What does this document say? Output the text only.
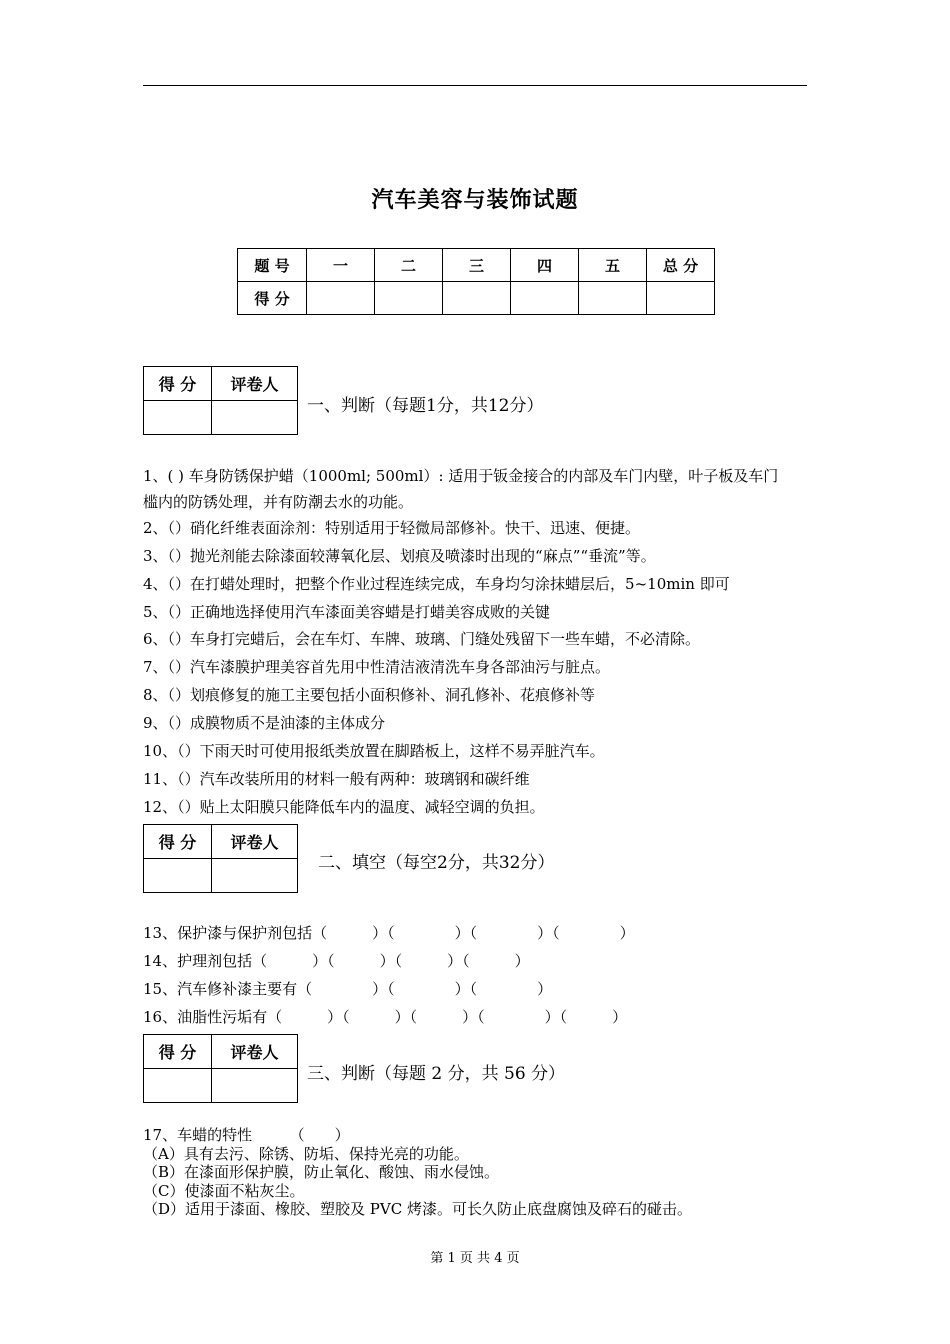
汽车美容与装饰试题
题 号	一	二	三	四	五	总 分
得 分						
得 分	评卷人

一、判断（每题1分，共12分）
1、( ) 车身防锈保护蜡（1000ml; 500ml）: 适用于钣金接合的内部及车门内壁，叶子板及车门
槛内的防锈处理，并有防潮去水的功能。
2、（）硝化纤维表面涂剂：特别适用于轻微局部修补。快干、迅速、便捷。
3、（）抛光剂能去除漆面较薄氧化层、划痕及喷漆时出现的“麻点”“垂流”等。
4、（）在打蜡处理时，把整个作业过程连续完成，车身均匀涂抹蜡层后，5~10min 即可
5、（）正确地选择使用汽车漆面美容蜡是打蜡美容成败的关键
6、（）车身打完蜡后，会在车灯、车牌、玻璃、门缝处残留下一些车蜡，不必清除。
7、（）汽车漆膜护理美容首先用中性清洁液清洗车身各部油污与脏点。
8、（）划痕修复的施工主要包括小面积修补、洞孔修补、花痕修补等
9、（）成膜物质不是油漆的主体成分
10、（）下雨天时可使用报纸类放置在脚踏板上，这样不易弄脏汽车。
11、（）汽车改装所用的材料一般有两种：玻璃钢和碳纤维
12、（）贴上太阳膜只能降低车内的温度、减轻空调的负担。
得 分	评卷人

二、填空（每空2分，共32分）
13、保护漆与保护剂包括（　　　）（　　　　）（　　　　）（　　　　）
14、护理剂包括（　　　）（　　　）（　　　）（　　　）
15、汽车修补漆主要有（　　　　）（　　　　）（　　　　）
16、油脂性污垢有（　　　）（　　　）（　　　）（　　　　）（　　　）
得 分	评卷人

三、判断（每题 2 分，共 56 分）
17、车蜡的特性　　　（　　）
（A）具有去污、除锈、防垢、保持光亮的功能。
（B）在漆面形保护膜，防止氧化、酸蚀、雨水侵蚀。
（C）使漆面不粘灰尘。
（D）适用于漆面、橡胶、塑胶及 PVC 烤漆。可长久防止底盘腐蚀及碎石的碰击。
第 1 页 共 4 页
